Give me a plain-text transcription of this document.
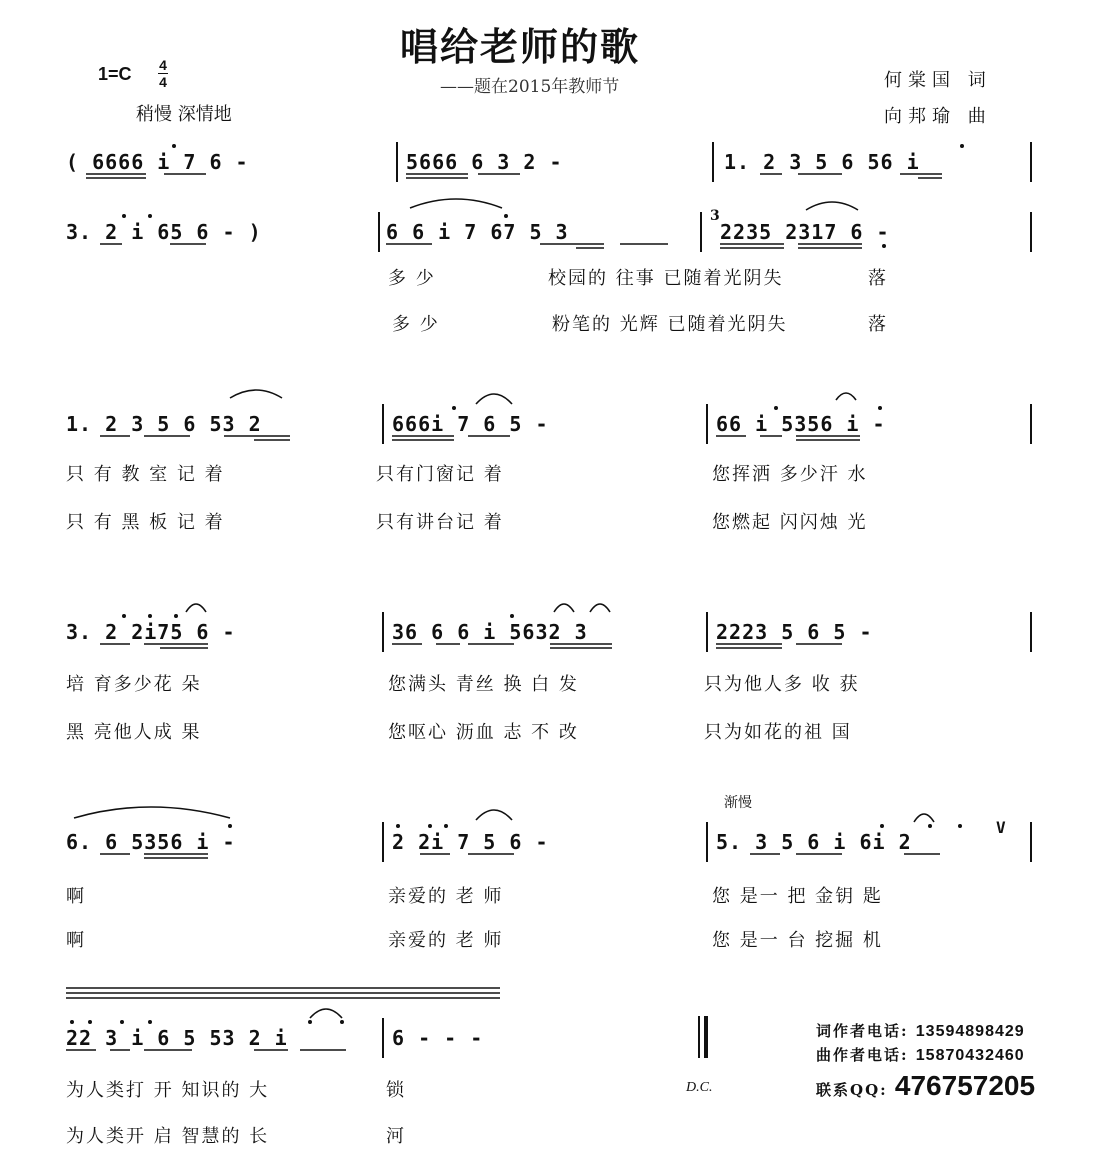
唱给老师的歌
——题在2015年教师节
1=C 4
4
稍慢 深情地
何棠国 词
向邦瑜 曲
( 6666 i 7 6 -	5666 6 3 2 -	1. 2 3 5 6 56 i
3. 2 i 65 6 - )	6 6 i 7 67 5 3	2235 2317 6 -
3
多 少	校园的 往事 已随着光阴失	落
多 少	粉笔的 光辉 已随着光阴失	落
1. 2 3 5 6 53 2	666i 7 6 5 -	66 i 5356 i -
只 有 教 室 记 着	只有门窗记 着	您挥洒 多少汗 水
只 有 黑 板 记 着	只有讲台记 着	您燃起 闪闪烛 光
3. 2 2i75 6 -	36 6 6 i 5632 3	2223 5 6 5 -
培 育多少花 朵	您满头 青丝 换 白 发	只为他人多 收 获
黑 亮他人成 果	您呕心 沥血 志 不 改	只为如花的祖 国
渐慢
6. 6 5356 i -	2 2i 7 5 6 -	5. 3 5 6 i 6i 2
V
啊	亲爱的 老 师	您 是一 把 金钥 匙
啊	亲爱的 老 师	您 是一 台 挖掘 机
22 3 i 6 5 53 2 i	6 - - -
D.C.
为人类打 开 知识的 大	锁
为人类开 启 智慧的 长	河
词作者电话: 13594898429
曲作者电话: 15870432460
联系QQ: 476757205
